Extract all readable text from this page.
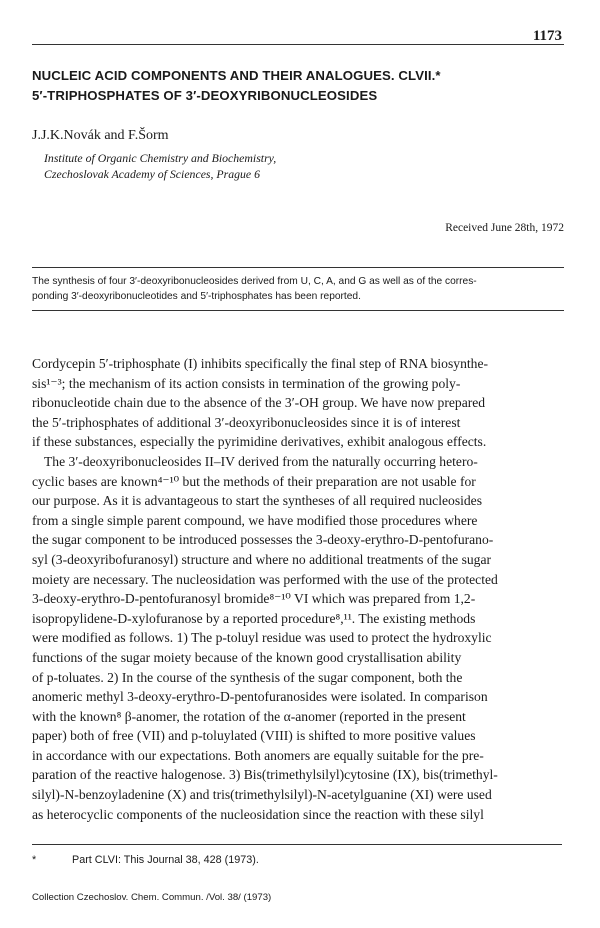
1173
NUCLEIC ACID COMPONENTS AND THEIR ANALOGUES. CLVII.*
5′-TRIPHOSPHATES OF 3′-DEOXYRIBONUCLEOSIDES
J.J.K.Novák and F.Šorm
Institute of Organic Chemistry and Biochemistry,
Czechoslovak Academy of Sciences, Prague 6
Received June 28th, 1972
The synthesis of four 3′-deoxyribonucleosides derived from U, C, A, and G as well as of the corres-
ponding 3′-deoxyribonucleotides and 5′-triphosphates has been reported.
Cordycepin 5′-triphosphate (I) inhibits specifically the final step of RNA biosynthe-
sis¹⁻³; the mechanism of its action consists in termination of the growing poly-
ribonucleotide chain due to the absence of the 3′-OH group. We have now prepared
the 5′-triphosphates of additional 3′-deoxyribonucleosides since it is of interest
if these substances, especially the pyrimidine derivatives, exhibit analogous effects.
The 3′-deoxyribonucleosides II–IV derived from the naturally occurring hetero-
cyclic bases are known⁴⁻¹⁰ but the methods of their preparation are not usable for
our purpose. As it is advantageous to start the syntheses of all required nucleosides
from a single simple parent compound, we have modified those procedures where
the sugar component to be introduced possesses the 3-deoxy-erythro-D-pentofurano-
syl (3-deoxyribofuranosyl) structure and where no additional treatments of the sugar
moiety are necessary. The nucleosidation was performed with the use of the protected
3-deoxy-erythro-D-pentofuranosyl bromide⁸⁻¹⁰ VI which was prepared from 1,2-
isopropylidene-D-xylofuranose by a reported procedure⁸,¹¹. The existing methods
were modified as follows. 1) The p-toluyl residue was used to protect the hydroxylic
functions of the sugar moiety because of the known good crystallisation ability
of p-toluates. 2) In the course of the synthesis of the sugar component, both the
anomeric methyl 3-deoxy-erythro-D-pentofuranosides were isolated. In comparison
with the known⁸ β-anomer, the rotation of the α-anomer (reported in the present
paper) both of free (VII) and p-toluylated (VIII) is shifted to more positive values
in accordance with our expectations. Both anomers are equally suitable for the pre-
paration of the reactive halogenose. 3) Bis(trimethylsilyl)cytosine (IX), bis(trimethyl-
silyl)-N-benzoyladenine (X) and tris(trimethylsilyl)-N-acetylguanine (XI) were used
as heterocyclic components of the nucleosidation since the reaction with these silyl
*	Part CLVI: This Journal 38, 428 (1973).
Collection Czechoslov. Chem. Commun. /Vol. 38/ (1973)
